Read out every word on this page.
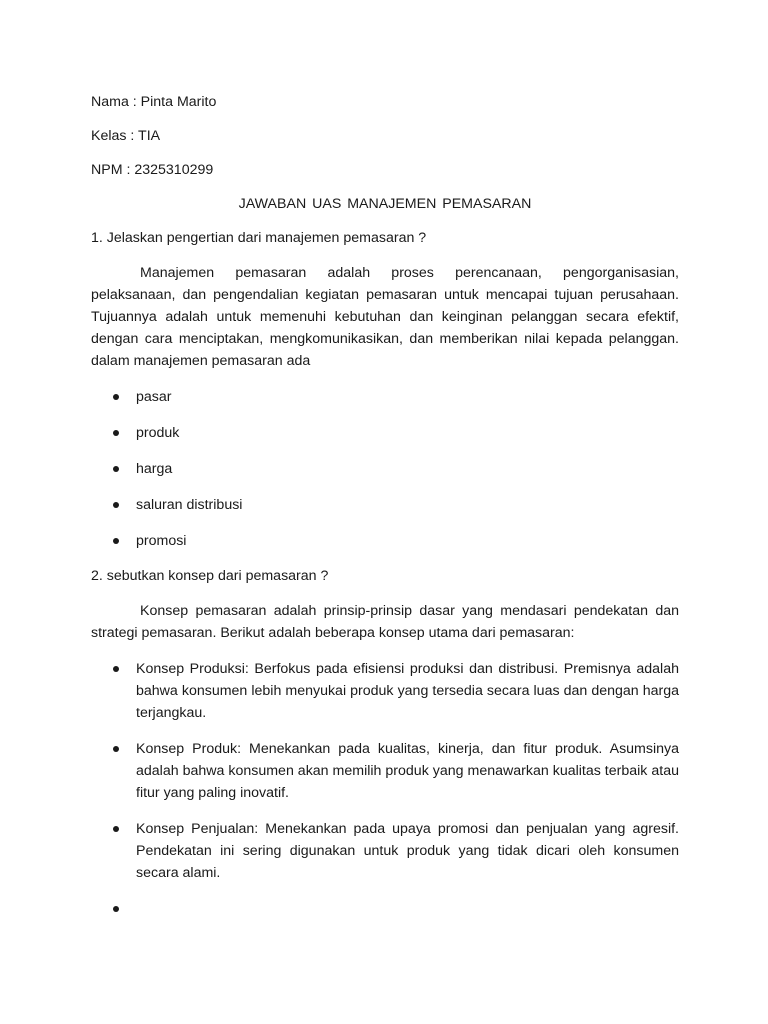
Nama : Pinta Marito

Kelas : TIA

NPM : 2325310299

JAWABAN UAS MANAJEMEN PEMASARAN

1. Jelaskan pengertian dari manajemen pemasaran ?

Manajemen pemasaran adalah proses perencanaan, pengorganisasian, pelaksanaan, dan pengendalian kegiatan pemasaran untuk mencapai tujuan perusahaan. Tujuannya adalah untuk memenuhi kebutuhan dan keinginan pelanggan secara efektif, dengan cara menciptakan, mengkomunikasikan, dan memberikan nilai kepada pelanggan. dalam manajemen pemasaran ada

pasar
produk
harga
saluran distribusi
promosi

2. sebutkan konsep dari pemasaran ?

Konsep pemasaran adalah prinsip-prinsip dasar yang mendasari pendekatan dan strategi pemasaran. Berikut adalah beberapa konsep utama dari pemasaran:

Konsep Produksi: Berfokus pada efisiensi produksi dan distribusi. Premisnya adalah bahwa konsumen lebih menyukai produk yang tersedia secara luas dan dengan harga terjangkau.
Konsep Produk: Menekankan pada kualitas, kinerja, dan fitur produk. Asumsinya adalah bahwa konsumen akan memilih produk yang menawarkan kualitas terbaik atau fitur yang paling inovatif.
Konsep Penjualan: Menekankan pada upaya promosi dan penjualan yang agresif. Pendekatan ini sering digunakan untuk produk yang tidak dicari oleh konsumen secara alami.
